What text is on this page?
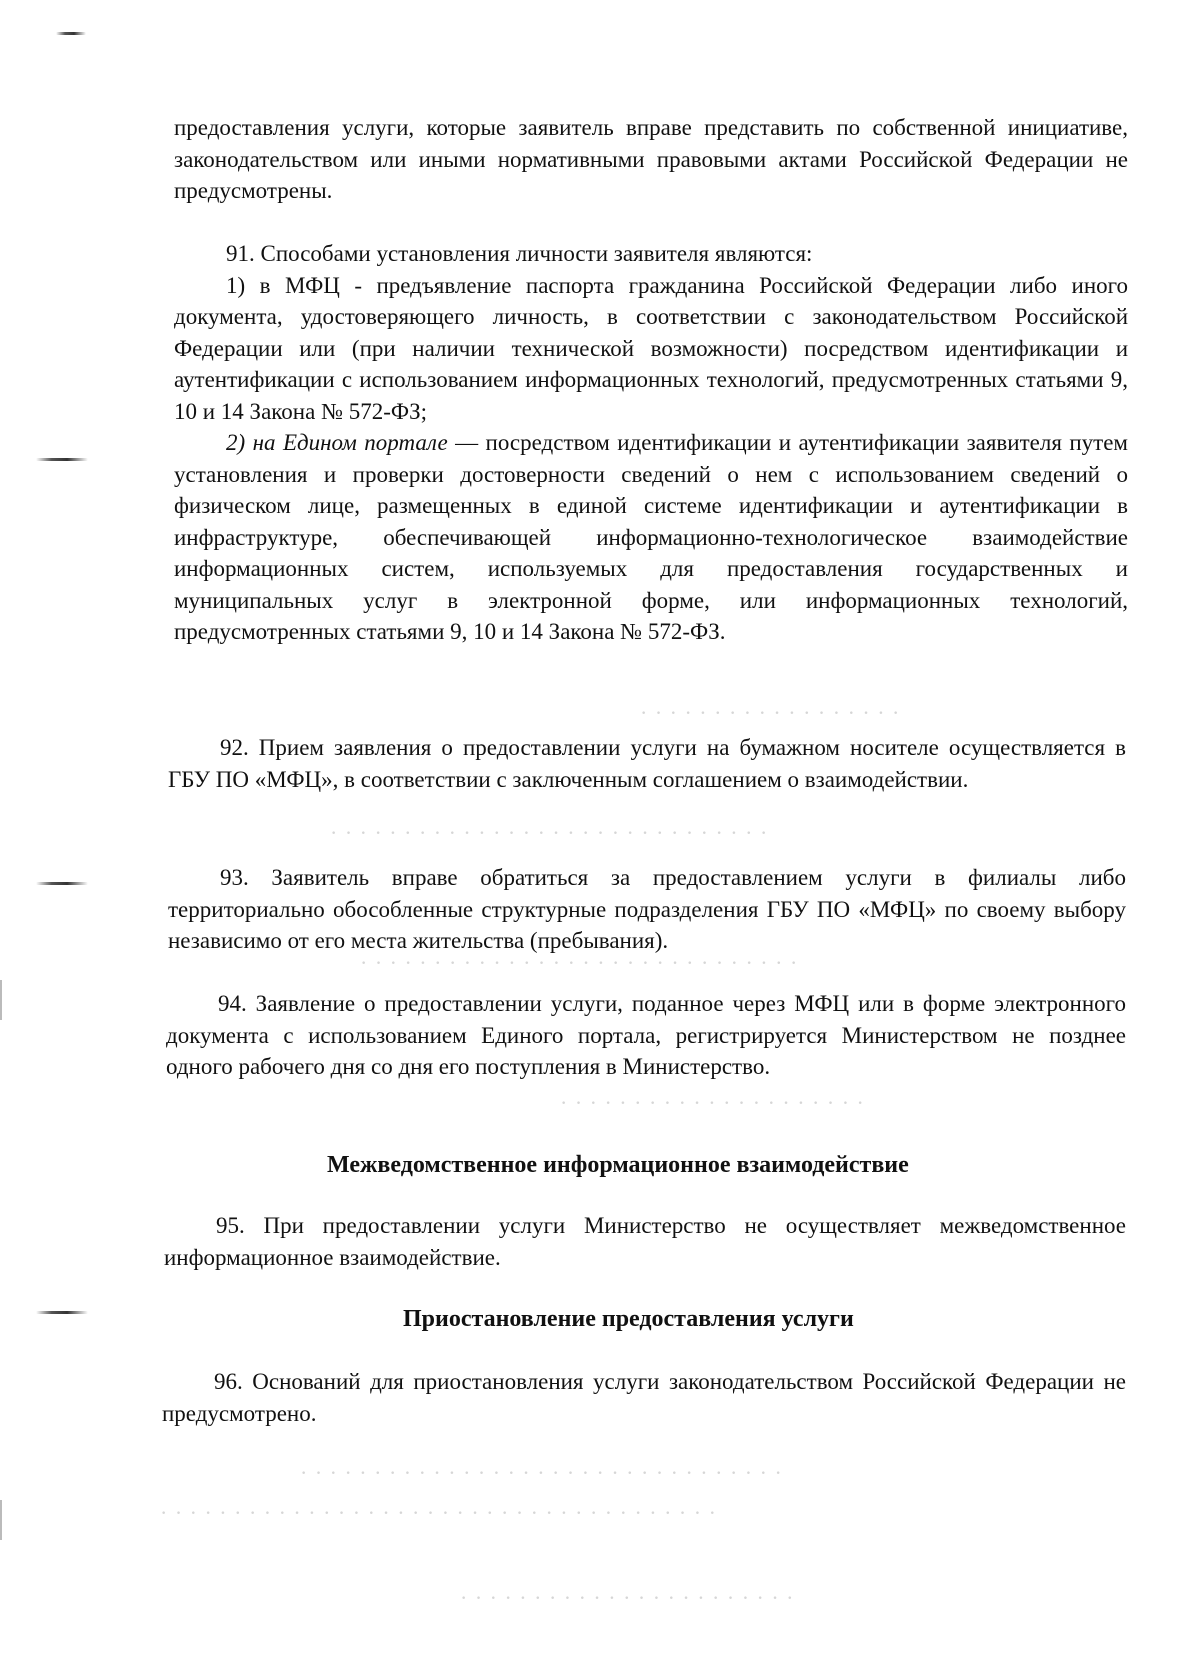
· · · · · · · · · · · · · · · · · ·
· · · · · · · · · · · · · · · · · · · · · · · · · · · · · ·
· · · · · · · · · · · · · · · · · · · · · · · · · · · · · ·
· · · · · · · · · · · · · · · · · · · · ·
· · · · · · · · · · · · · · · · · · · · · · · · · · · · · · · · ·
· · · · · · · · · · · · · · · · · · · · · · · · · · · · · · · · · · · · · ·
· · · · · · · · · · · · · · · · · · · · · · ·

предоставления услуги, которые заявитель вправе представить по собственной инициативе, законодательством или иными нормативными правовыми актами Российской Федерации не предусмотрены.

91. Способами установления личности заявителя являются:

1) в МФЦ - предъявление паспорта гражданина Российской Федерации либо иного документа, удостоверяющего личность, в соответствии с законодательством Российской Федерации или (при наличии технической возможности) посредством идентификации и аутентификации с использованием информационных технологий, предусмотренных статьями 9, 10 и 14 Закона № 572-ФЗ;

2) на Едином портале — посредством идентификации и аутентификации заявителя путем установления и проверки достоверности сведений о нем с использованием сведений о физическом лице, размещенных в единой системе идентификации и аутентификации в инфраструктуре, обеспечивающей информационно-технологическое взаимодействие информационных систем, используемых для предоставления государственных и муниципальных услуг в электронной форме, или информационных технологий, предусмотренных статьями 9, 10 и 14 Закона № 572-ФЗ.

92. Прием заявления о предоставлении услуги на бумажном носителе осуществляется в ГБУ ПО «МФЦ», в соответствии с заключенным соглашением о взаимодействии.

93. Заявитель вправе обратиться за предоставлением услуги в филиалы либо территориально обособленные структурные подразделения ГБУ ПО «МФЦ» по своему выбору независимо от его места жительства (пребывания).

94. Заявление о предоставлении услуги, поданное через МФЦ или в форме электронного документа с использованием Единого портала, регистрируется Министерством не позднее одного рабочего дня со дня его поступления в Министерство.

Межведомственное информационное взаимодействие

95. При предоставлении услуги Министерство не осуществляет межведомственное информационное взаимодействие.

Приостановление предоставления услуги

96. Оснований для приостановления услуги законодательством Российской Федерации не предусмотрено.
